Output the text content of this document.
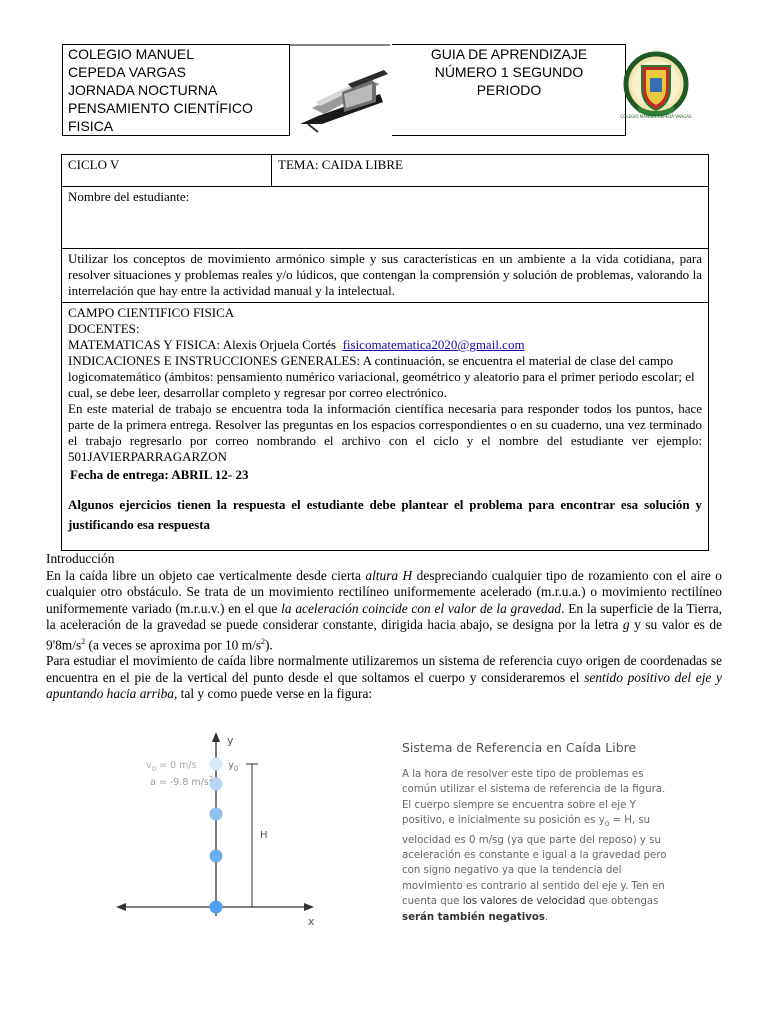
COLEGIO MANUEL
CEPEDA VARGAS
JORNADA NOCTURNA
PENSAMIENTO CIENTÍFICO
FISICA
GUIA DE APRENDIZAJE
NÚMERO 1 SEGUNDO
PERIODO
COLEGIO MANUEL CEPEDA VARGAS
CICLO V	TEMA: CAIDA LIBRE
Nombre del estudiante:
Utilizar los conceptos de movimiento armónico simple y sus características en un ambiente a la vida cotidiana, para resolver situaciones y problemas reales y/o lúdicos, que contengan la comprensión y solución de problemas, valorando la interrelación que hay entre la actividad manual y la intelectual.
CAMPO CIENTIFICO FISICA
DOCENTES:
MATEMATICAS Y FISICA: Alexis Orjuela Cortés fisicomatematica2020@gmail.com
INDICACIONES E INSTRUCCIONES GENERALES: A continuación, se encuentra el material de clase del campo logicomatemático (ámbitos: pensamiento numérico variacional, geométrico y aleatorio para el primer periodo escolar; el cual, se debe leer, desarrollar completo y regresar por correo electrónico.
En este material de trabajo se encuentra toda la información científica necesaria para responder todos los puntos, hace parte de la primera entrega. Resolver las preguntas en los espacios correspondientes o en su cuaderno, una vez terminado el trabajo regresarlo por correo nombrando el archivo con el ciclo y el nombre del estudiante ver ejemplo: 501JAVIERPARRAGARZON
Fecha de entrega: ABRIL 12- 23
Algunos ejercicios tienen la respuesta el estudiante debe plantear el problema para encontrar esa solución y justificando esa respuesta

Introducción

En la caída libre un objeto cae verticalmente desde cierta altura H despreciando cualquier tipo de rozamiento con el aire o cualquier otro obstáculo. Se trata de un movimiento rectilíneo uniformemente acelerado (m.r.u.a.) o movimiento rectilíneo uniformemente variado (m.r.u.v.) en el que la aceleración coincide con el valor de la gravedad. En la superficie de la Tierra, la aceleración de la gravedad se puede considerar constante, dirigida hacia abajo, se designa por la letra g y su valor es de $9'8m/s^2$ (a veces se aproxima por 10 $m/s^2$).

Para estudiar el movimiento de caída libre normalmente utilizaremos un sistema de referencia cuyo origen de coordenadas se encuentra en el pie de la vertical del punto desde el que soltamos el cuerpo y consideraremos el sentido positivo del eje y apuntando hacia arriba, tal y como puede verse en la figura:

y
x
$v_0 = 0$ m/s
a = -9.8 $m/s^2$
$y_0$
H
Sistema de Referencia en Caída Libre
A la hora de resolver este tipo de problemas es común utilizar el sistema de referencia de la figura. El cuerpo siempre se encuentra sobre el eje Y positivo, e inicialmente su posición es $y_0 = H$, su velocidad es 0 m/sg (ya que parte del reposo) y su aceleración es constante e igual a la gravedad pero con signo negativo ya que la tendencia del movimiento es contrario al sentido del eje y. Ten en cuenta que los valores de velocidad que obtengas serán también negativos.
